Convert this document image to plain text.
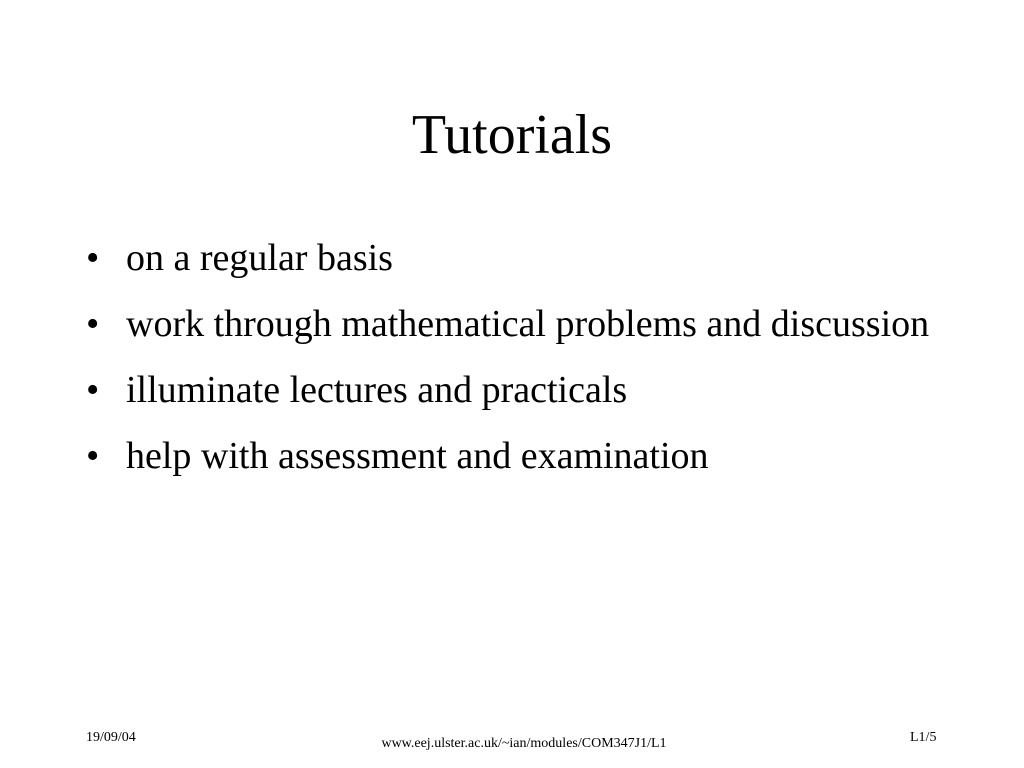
Tutorials
• on a regular basis
• work through mathematical problems and discussion
• illuminate lectures and practicals
• help with assessment and examination
19/09/04	www.eej.ulster.ac.uk/~ian/modules/COM347J1/L1	L1/5
